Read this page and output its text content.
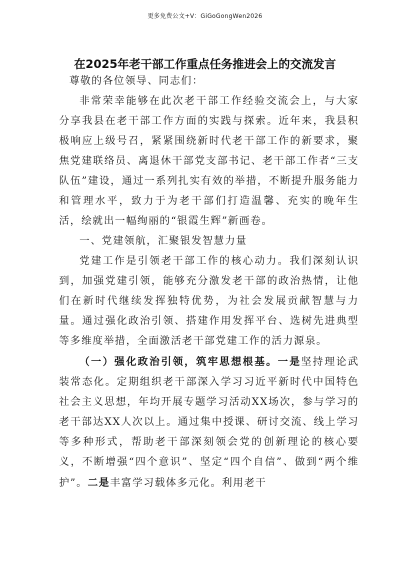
更多免费公文+V：GiGoGongWen2026
在2025年老干部工作重点任务推进会上的交流发言

尊敬的各位领导、同志们：

非常荣幸能够在此次老干部工作经验交流会上，与大家分享我县在老干部工作方面的实践与探索。近年来，我县积极响应上级号召，紧紧围绕新时代老干部工作的新要求，聚焦党建联络员、离退休干部党支部书记、老干部工作者“三支队伍”建设，通过一系列扎实有效的举措，不断提升服务能力和管理水平，致力于为老干部们打造温馨、充实的晚年生活，绘就出一幅绚丽的“银霞生辉”新画卷。

一、党建领航，汇聚银发智慧力量

党建工作是引领老干部工作的核心动力。我们深刻认识到，加强党建引领，能够充分激发老干部的政治热情，让他们在新时代继续发挥独特优势，为社会发展贡献智慧与力量。通过强化政治引领、搭建作用发挥平台、选树先进典型等多维度举措，全面激活老干部党建工作的活力源泉。

（一）强化政治引领，筑牢思想根基。一是坚持理论武装常态化。定期组织老干部深入学习习近平新时代中国特色社会主义思想，年均开展专题学习活动XX场次，参与学习的老干部达XX人次以上。通过集中授课、研讨交流、线上学习等多种形式，帮助老干部深刻领会党的创新理论的核心要义，不断增强“四个意识”、坚定“四个自信”、做到“两个维护”。二是丰富学习载体多元化。利用老干
